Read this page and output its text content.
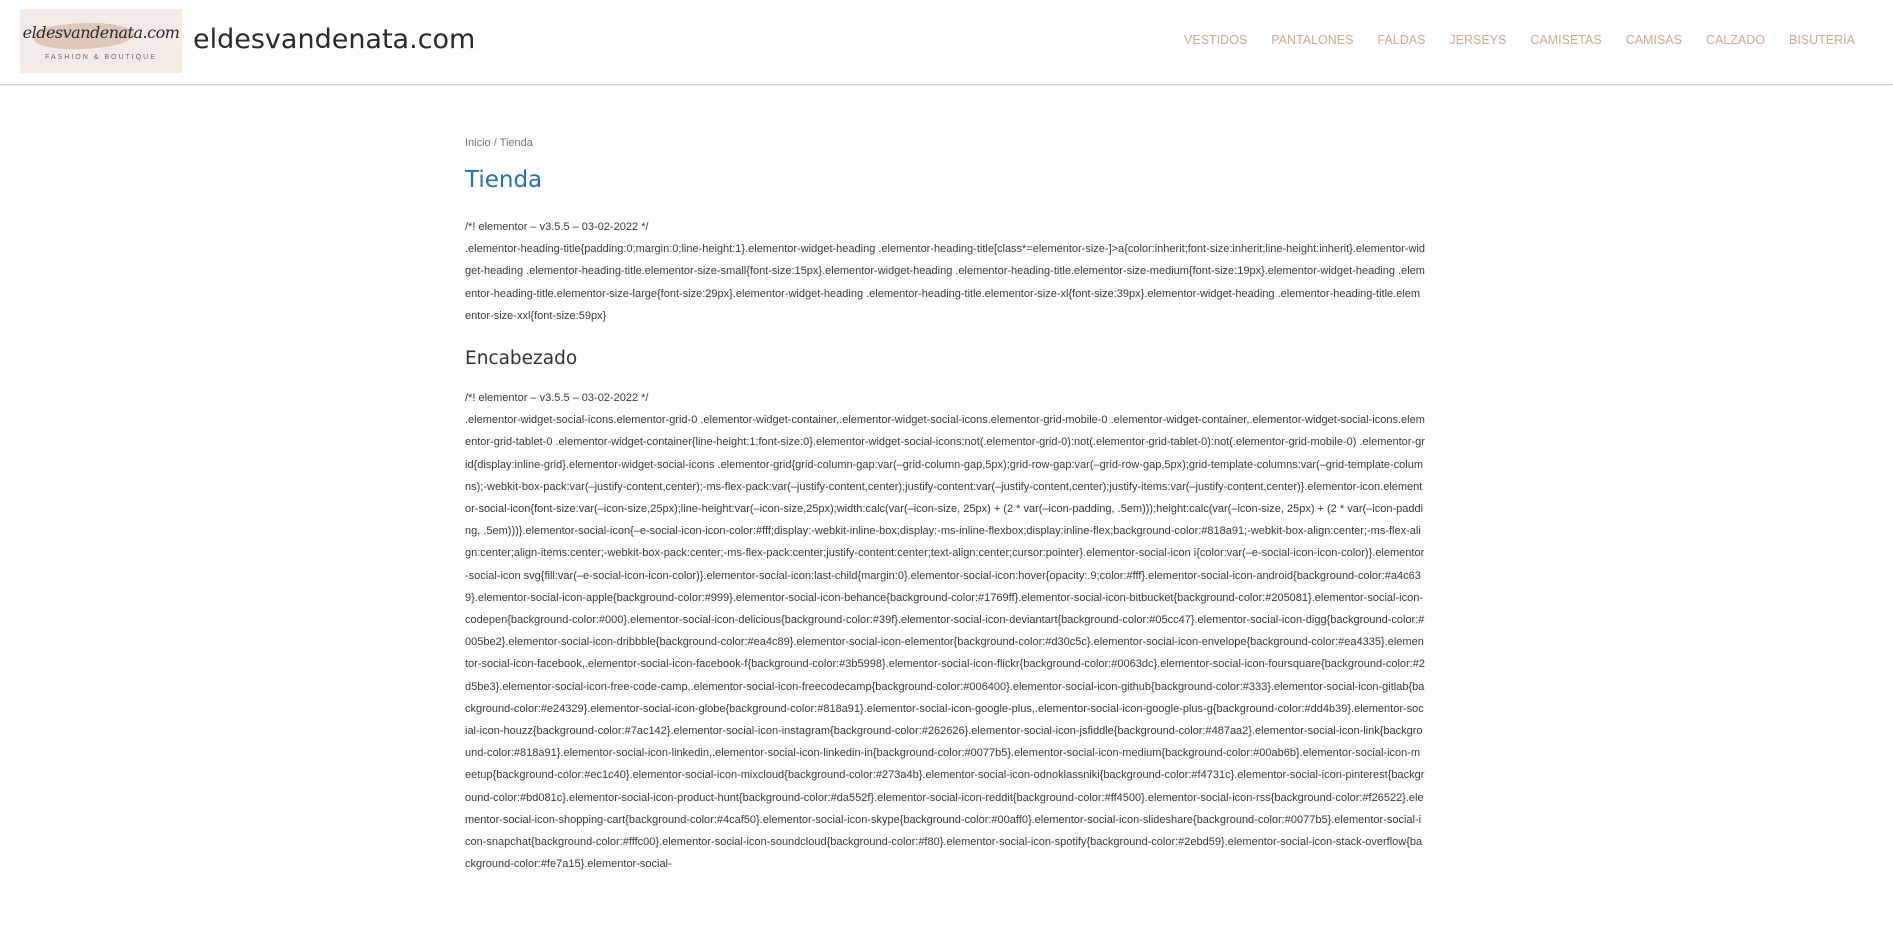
eldesvandenata.com
FASHION & BOUTIQUE
eldesvandenata.com	VESTIDOS PANTALONES FALDAS JERSEYS CAMISETAS CAMISAS CALZADO BISUTERÍA
Inicio / Tienda
Tienda

/*! elementor – v3.5.5 – 03-02-2022 */
.elementor-heading-title{padding:0;margin:0;line-height:1}.elementor-widget-heading .elementor-heading-title[class*=elementor-size-]>a{color:inherit;font-size:inherit;line-height:inherit}.elementor-widget-heading .elementor-heading-title.elementor-size-small{font-size:15px}.elementor-widget-heading .elementor-heading-title.elementor-size-medium{font-size:19px}.elementor-widget-heading .elementor-heading-title.elementor-size-large{font-size:29px}.elementor-widget-heading .elementor-heading-title.elementor-size-xl{font-size:39px}.elementor-widget-heading .elementor-heading-title.elementor-size-xxl{font-size:59px}

Encabezado

/*! elementor – v3.5.5 – 03-02-2022 */
.elementor-widget-social-icons.elementor-grid-0 .elementor-widget-container,.elementor-widget-social-icons.elementor-grid-mobile-0 .elementor-widget-container,.elementor-widget-social-icons.elementor-grid-tablet-0 .elementor-widget-container{line-height:1;font-size:0}.elementor-widget-social-icons:not(.elementor-grid-0):not(.elementor-grid-tablet-0):not(.elementor-grid-mobile-0) .elementor-grid{display:inline-grid}.elementor-widget-social-icons .elementor-grid{grid-column-gap:var(–grid-column-gap,5px);grid-row-gap:var(–grid-row-gap,5px);grid-template-columns:var(–grid-template-columns);-webkit-box-pack:var(–justify-content,center);-ms-flex-pack:var(–justify-content,center);justify-content:var(–justify-content,center);justify-items:var(–justify-content,center)}.elementor-icon.elementor-social-icon{font-size:var(–icon-size,25px);line-height:var(–icon-size,25px);width:calc(var(–icon-size, 25px) + (2 * var(–icon-padding, .5em)));height:calc(var(–icon-size, 25px) + (2 * var(–icon-padding, .5em)))}.elementor-social-icon{–e-social-icon-icon-color:#fff;display:-webkit-inline-box;display:-ms-inline-flexbox;display:inline-flex;background-color:#818a91;-webkit-box-align:center;-ms-flex-align:center;align-items:center;-webkit-box-pack:center;-ms-flex-pack:center;justify-content:center;text-align:center;cursor:pointer}.elementor-social-icon i{color:var(–e-social-icon-icon-color)}.elementor-social-icon svg{fill:var(–e-social-icon-icon-color)}.elementor-social-icon:last-child{margin:0}.elementor-social-icon:hover{opacity:.9;color:#fff}.elementor-social-icon-android{background-color:#a4c639}.elementor-social-icon-apple{background-color:#999}.elementor-social-icon-behance{background-color:#1769ff}.elementor-social-icon-bitbucket{background-color:#205081}.elementor-social-icon-codepen{background-color:#000}.elementor-social-icon-delicious{background-color:#39f}.elementor-social-icon-deviantart{background-color:#05cc47}.elementor-social-icon-digg{background-color:#005be2}.elementor-social-icon-dribbble{background-color:#ea4c89}.elementor-social-icon-elementor{background-color:#d30c5c}.elementor-social-icon-envelope{background-color:#ea4335}.elementor-social-icon-facebook,.elementor-social-icon-facebook-f{background-color:#3b5998}.elementor-social-icon-flickr{background-color:#0063dc}.elementor-social-icon-foursquare{background-color:#2d5be3}.elementor-social-icon-free-code-camp,.elementor-social-icon-freecodecamp{background-color:#006400}.elementor-social-icon-github{background-color:#333}.elementor-social-icon-gitlab{background-color:#e24329}.elementor-social-icon-globe{background-color:#818a91}.elementor-social-icon-google-plus,.elementor-social-icon-google-plus-g{background-color:#dd4b39}.elementor-social-icon-houzz{background-color:#7ac142}.elementor-social-icon-instagram{background-color:#262626}.elementor-social-icon-jsfiddle{background-color:#487aa2}.elementor-social-icon-link{background-color:#818a91}.elementor-social-icon-linkedin,.elementor-social-icon-linkedin-in{background-color:#0077b5}.elementor-social-icon-medium{background-color:#00ab6b}.elementor-social-icon-meetup{background-color:#ec1c40}.elementor-social-icon-mixcloud{background-color:#273a4b}.elementor-social-icon-odnoklassniki{background-color:#f4731c}.elementor-social-icon-pinterest{background-color:#bd081c}.elementor-social-icon-product-hunt{background-color:#da552f}.elementor-social-icon-reddit{background-color:#ff4500}.elementor-social-icon-rss{background-color:#f26522}.elementor-social-icon-shopping-cart{background-color:#4caf50}.elementor-social-icon-skype{background-color:#00aff0}.elementor-social-icon-slideshare{background-color:#0077b5}.elementor-social-icon-snapchat{background-color:#fffc00}.elementor-social-icon-soundcloud{background-color:#f80}.elementor-social-icon-spotify{background-color:#2ebd59}.elementor-social-icon-stack-overflow{background-color:#fe7a15}.elementor-social-
